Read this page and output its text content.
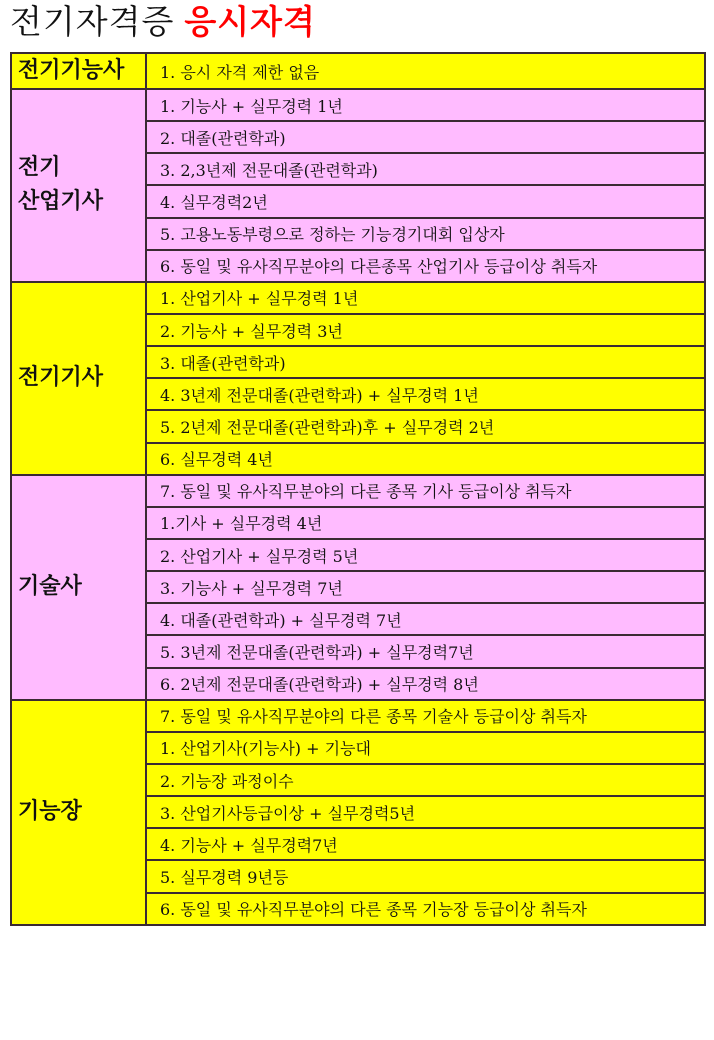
전기자격증 응시자격
전기기능사	1. 응시 자격 제한 없음

전기
산업기사	1. 기능사 + 실무경력 1년
	2. 대졸(관련학과)
	3. 2,3년제 전문대졸(관련학과)
	4. 실무경력2년
	5. 고용노동부령으로 정하는 기능경기대회 입상자
	6. 동일 및 유사직무분야의 다른종목 산업기사 등급이상 취득자
전기기사	1. 산업기사 + 실무경력 1년
	2. 기능사 + 실무경력 3년
	3. 대졸(관련학과)
	4. 3년제 전문대졸(관련학과) + 실무경력 1년
	5. 2년제 전문대졸(관련학과)후 + 실무경력 2년
	6. 실무경력 4년
기술사	7. 동일 및 유사직무분야의 다른 종목 기사 등급이상 취득자
	1.기사 + 실무경력 4년
	2. 산업기사 + 실무경력 5년
	3. 기능사 + 실무경력 7년
	4. 대졸(관련학과) + 실무경력 7년
	5. 3년제 전문대졸(관련학과) + 실무경력7년
	6. 2년제 전문대졸(관련학과) + 실무경력 8년
기능장	7. 동일 및 유사직무분야의 다른 종목 기술사 등급이상 취득자
	1. 산업기사(기능사) + 기능대
	2. 기능장 과정이수
	3. 산업기사등급이상 + 실무경력5년
	4. 기능사 + 실무경력7년
	5. 실무경력 9년등
	6. 동일 및 유사직무분야의 다른 종목 기능장 등급이상 취득자
